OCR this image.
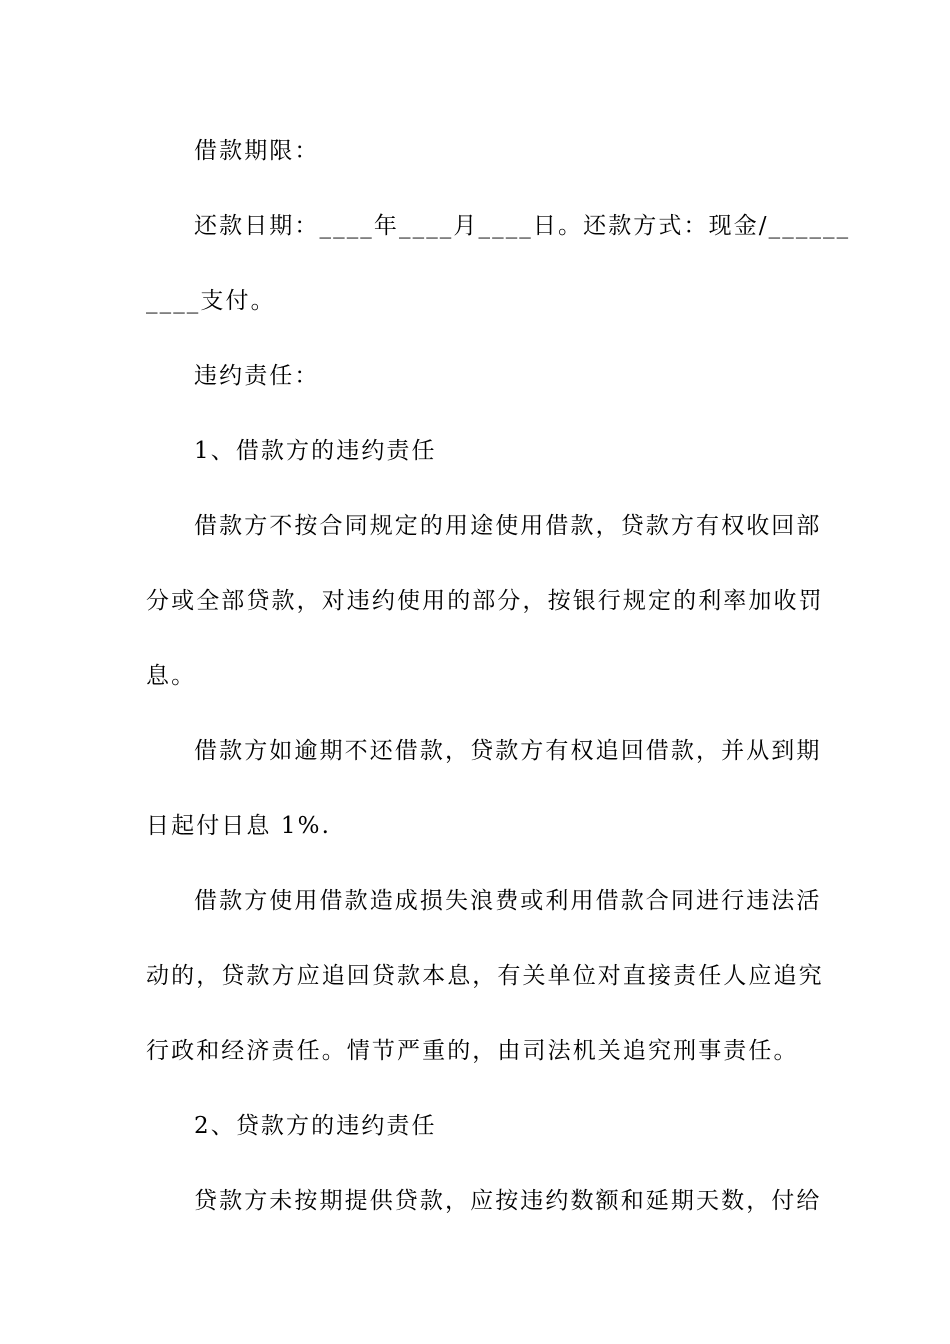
借款期限：
还款日期：____年____月____日。还款方式：现金/______
____支付。
违约责任：
1、借款方的违约责任
借款方不按合同规定的用途使用借款，贷款方有权收回部
分或全部贷款，对违约使用的部分，按银行规定的利率加收罚
息。
借款方如逾期不还借款，贷款方有权追回借款，并从到期
日起付日息 1%.
借款方使用借款造成损失浪费或利用借款合同进行违法活
动的，贷款方应追回贷款本息，有关单位对直接责任人应追究
行政和经济责任。情节严重的，由司法机关追究刑事责任。
2、贷款方的违约责任
贷款方未按期提供贷款，应按违约数额和延期天数，付给
